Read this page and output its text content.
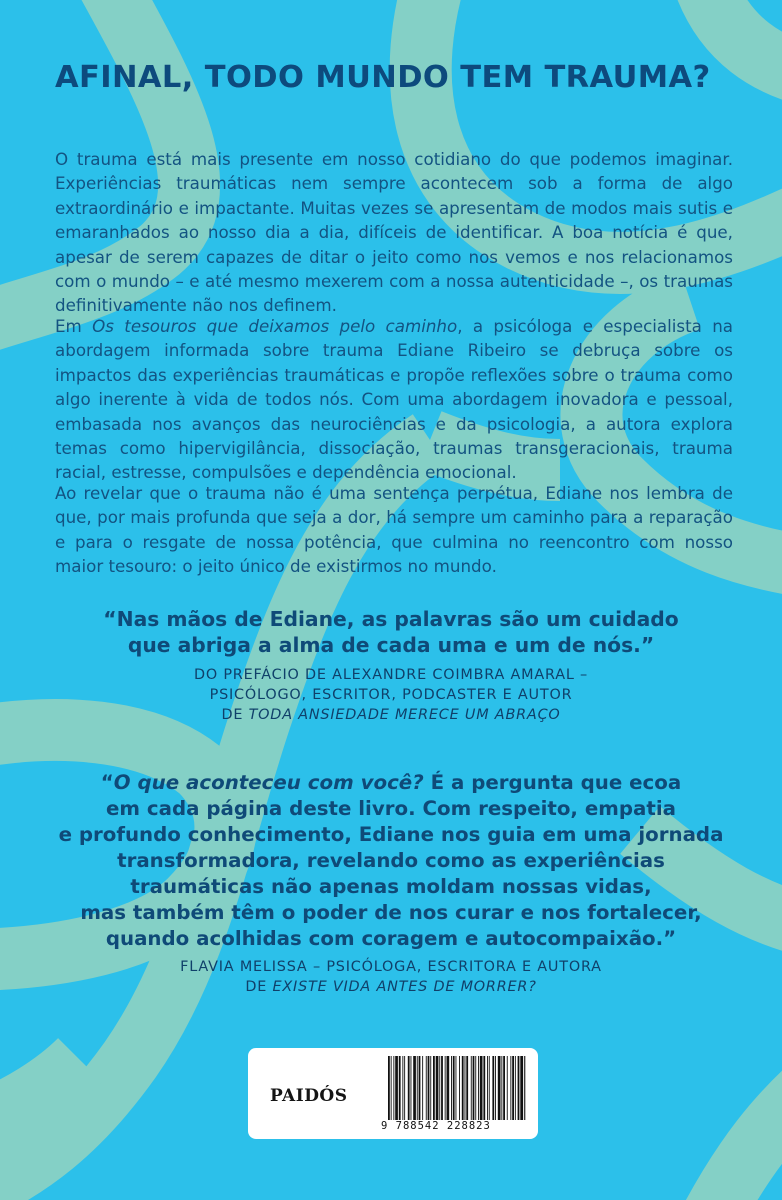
AFINAL, TODO MUNDO TEM TRAUMA?

O trauma está mais presente em nosso cotidiano do que podemos imaginar. Experiências traumáticas nem sempre acontecem sob a forma de algo extraordinário e impactante. Muitas vezes se apresentam de modos mais sutis e emaranhados ao nosso dia a dia, difíceis de identificar. A boa notícia é que, apesar de serem capazes de ditar o jeito como nos vemos e nos relacionamos com o mundo – e até mesmo mexerem com a nossa autenticidade –, os traumas definitivamente não nos definem.

Em Os tesouros que deixamos pelo caminho, a psicóloga e especialista na abordagem informada sobre trauma Ediane Ribeiro se debruça sobre os impactos das experiências traumáticas e propõe reflexões sobre o trauma como algo inerente à vida de todos nós. Com uma abordagem inovadora e pessoal, embasada nos avanços das neurociências e da psicologia, a autora explora temas como hipervigilância, dissociação, traumas transgeracionais, trauma racial, estresse, compulsões e dependência emocional.

Ao revelar que o trauma não é uma sentença perpétua, Ediane nos lembra de que, por mais profunda que seja a dor, há sempre um caminho para a reparação e para o resgate de nossa potência, que culmina no reencontro com nosso maior tesouro: o jeito único de existirmos no mundo.

“Nas mãos de Ediane, as palavras são um cuidado
que abriga a alma de cada uma e um de nós.”

DO PREFÁCIO DE ALEXANDRE COIMBRA AMARAL –
PSICÓLOGO, ESCRITOR, PODCASTER E AUTOR
DE TODA ANSIEDADE MERECE UM ABRAÇO

“O que aconteceu com você? É a pergunta que ecoa
em cada página deste livro. Com respeito, empatia
e profundo conhecimento, Ediane nos guia em uma jornada
transformadora, revelando como as experiências
traumáticas não apenas moldam nossas vidas,
mas também têm o poder de nos curar e nos fortalecer,
quando acolhidas com coragem e autocompaixão.”

FLAVIA MELISSA – PSICÓLOGA, ESCRITORA E AUTORA
DE EXISTE VIDA ANTES DE MORRER?

PAIDÓS
9 788542 228823
